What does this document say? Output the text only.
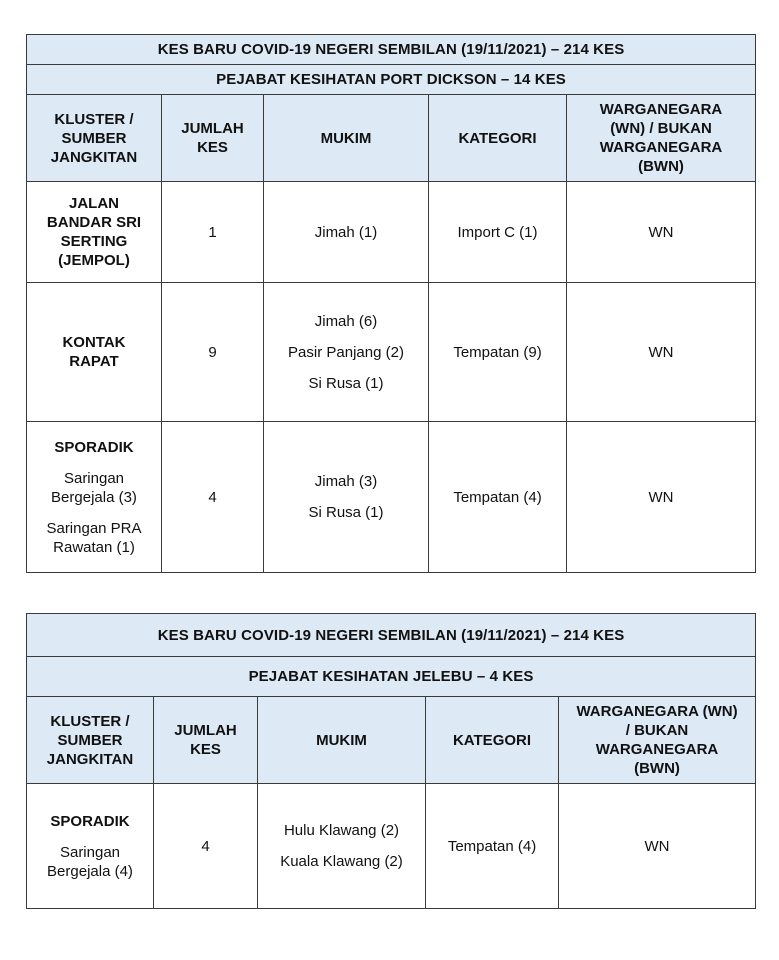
KES BARU COVID-19 NEGERI SEMBILAN (19/11/2021) – 214 KES				
PEJABAT KESIHATAN PORT DICKSON – 14 KES				

KLUSTER /
SUMBER
JANGKITAN	JUMLAH
KES	MUKIM	KATEGORI	WARGANEGARA
(WN) / BUKAN
WARGANEGARA
(BWN)

JALAN
BANDAR SRI
SERTING
(JEMPOL)	1	Jimah (1)	Import C (1)	WN

KONTAK
RAPAT	9	Jimah (6)
Pasir Panjang (2)
Si Rusa (1)	Tempatan (9)	WN

SPORADIK
Saringan
Bergejala (3)
Saringan PRA
Rawatan (1)	4	Jimah (3)
Si Rusa (1)	Tempatan (4)	WN
KES BARU COVID-19 NEGERI SEMBILAN (19/11/2021) – 214 KES				
PEJABAT KESIHATAN JELEBU – 4 KES				

KLUSTER /
SUMBER
JANGKITAN	JUMLAH
KES	MUKIM	KATEGORI	WARGANEGARA (WN)
/ BUKAN
WARGANEGARA
(BWN)

SPORADIK
Saringan
Bergejala (4)	4	Hulu Klawang (2)
Kuala Klawang (2)	Tempatan (4)	WN
